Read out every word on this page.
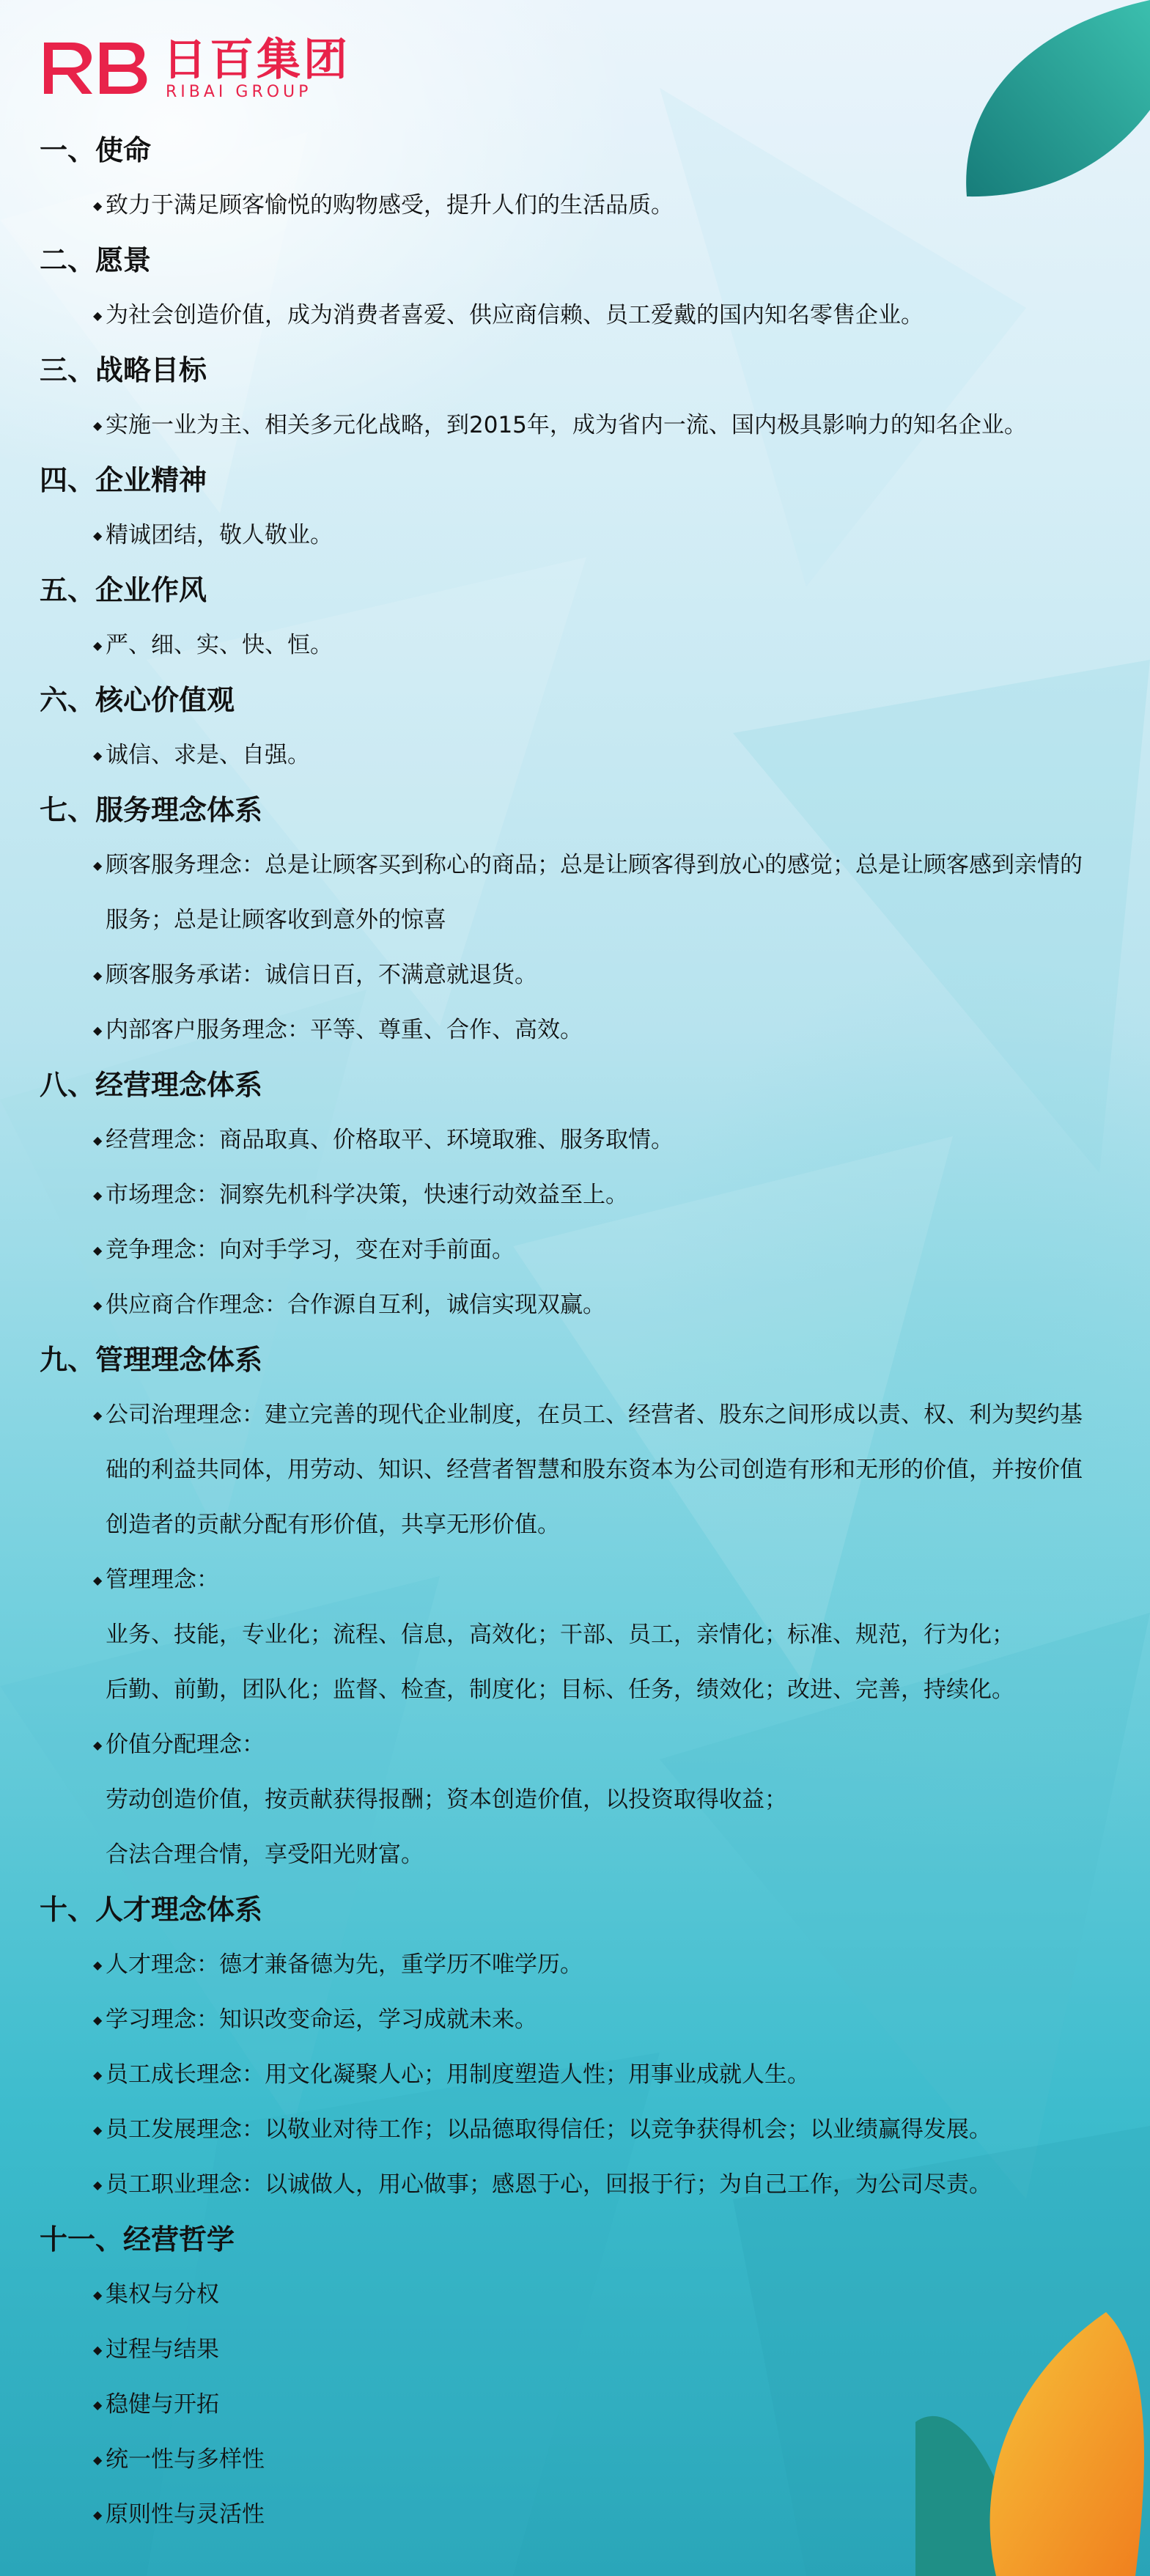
日百集团
RIBAI GROUP
一、使命
◆ 致力于满足顾客愉悦的购物感受，提升人们的生活品质。
二、愿景
◆ 为社会创造价值，成为消费者喜爱、供应商信赖、员工爱戴的国内知名零售企业。
三、战略目标
◆ 实施一业为主、相关多元化战略，到2015年，成为省内一流、国内极具影响力的知名企业。
四、企业精神
◆ 精诚团结，敬人敬业。
五、企业作风
◆ 严、细、实、快、恒。
六、核心价值观
◆ 诚信、求是、自强。
七、服务理念体系
◆ 顾客服务理念：总是让顾客买到称心的商品；总是让顾客得到放心的感觉；总是让顾客感到亲情的服务；总是让顾客收到意外的惊喜
◆ 顾客服务承诺：诚信日百，不满意就退货。
◆ 内部客户服务理念：平等、尊重、合作、高效。
八、经营理念体系
◆ 经营理念：商品取真、价格取平、环境取雅、服务取情。
◆ 市场理念：洞察先机科学决策，快速行动效益至上。
◆ 竞争理念：向对手学习，变在对手前面。
◆ 供应商合作理念：合作源自互利，诚信实现双赢。
九、管理理念体系
◆ 公司治理理念：建立完善的现代企业制度，在员工、经营者、股东之间形成以责、权、利为契约基础的利益共同体，用劳动、知识、经营者智慧和股东资本为公司创造有形和无形的价值，并按价值创造者的贡献分配有形价值，共享无形价值。
◆ 管理理念：
业务、技能，专业化；流程、信息，高效化；干部、员工，亲情化；标准、规范，行为化；
后勤、前勤，团队化；监督、检查，制度化；目标、任务，绩效化；改进、完善，持续化。
◆ 价值分配理念：
劳动创造价值，按贡献获得报酬；资本创造价值，以投资取得收益；
合法合理合情，享受阳光财富。
十、人才理念体系
◆ 人才理念：德才兼备德为先，重学历不唯学历。
◆ 学习理念：知识改变命运，学习成就未来。
◆ 员工成长理念：用文化凝聚人心；用制度塑造人性；用事业成就人生。
◆ 员工发展理念：以敬业对待工作；以品德取得信任；以竞争获得机会；以业绩赢得发展。
◆ 员工职业理念：以诚做人，用心做事；感恩于心，回报于行；为自己工作，为公司尽责。
十一、经营哲学
◆ 集权与分权
◆ 过程与结果
◆ 稳健与开拓
◆ 统一性与多样性
◆ 原则性与灵活性
